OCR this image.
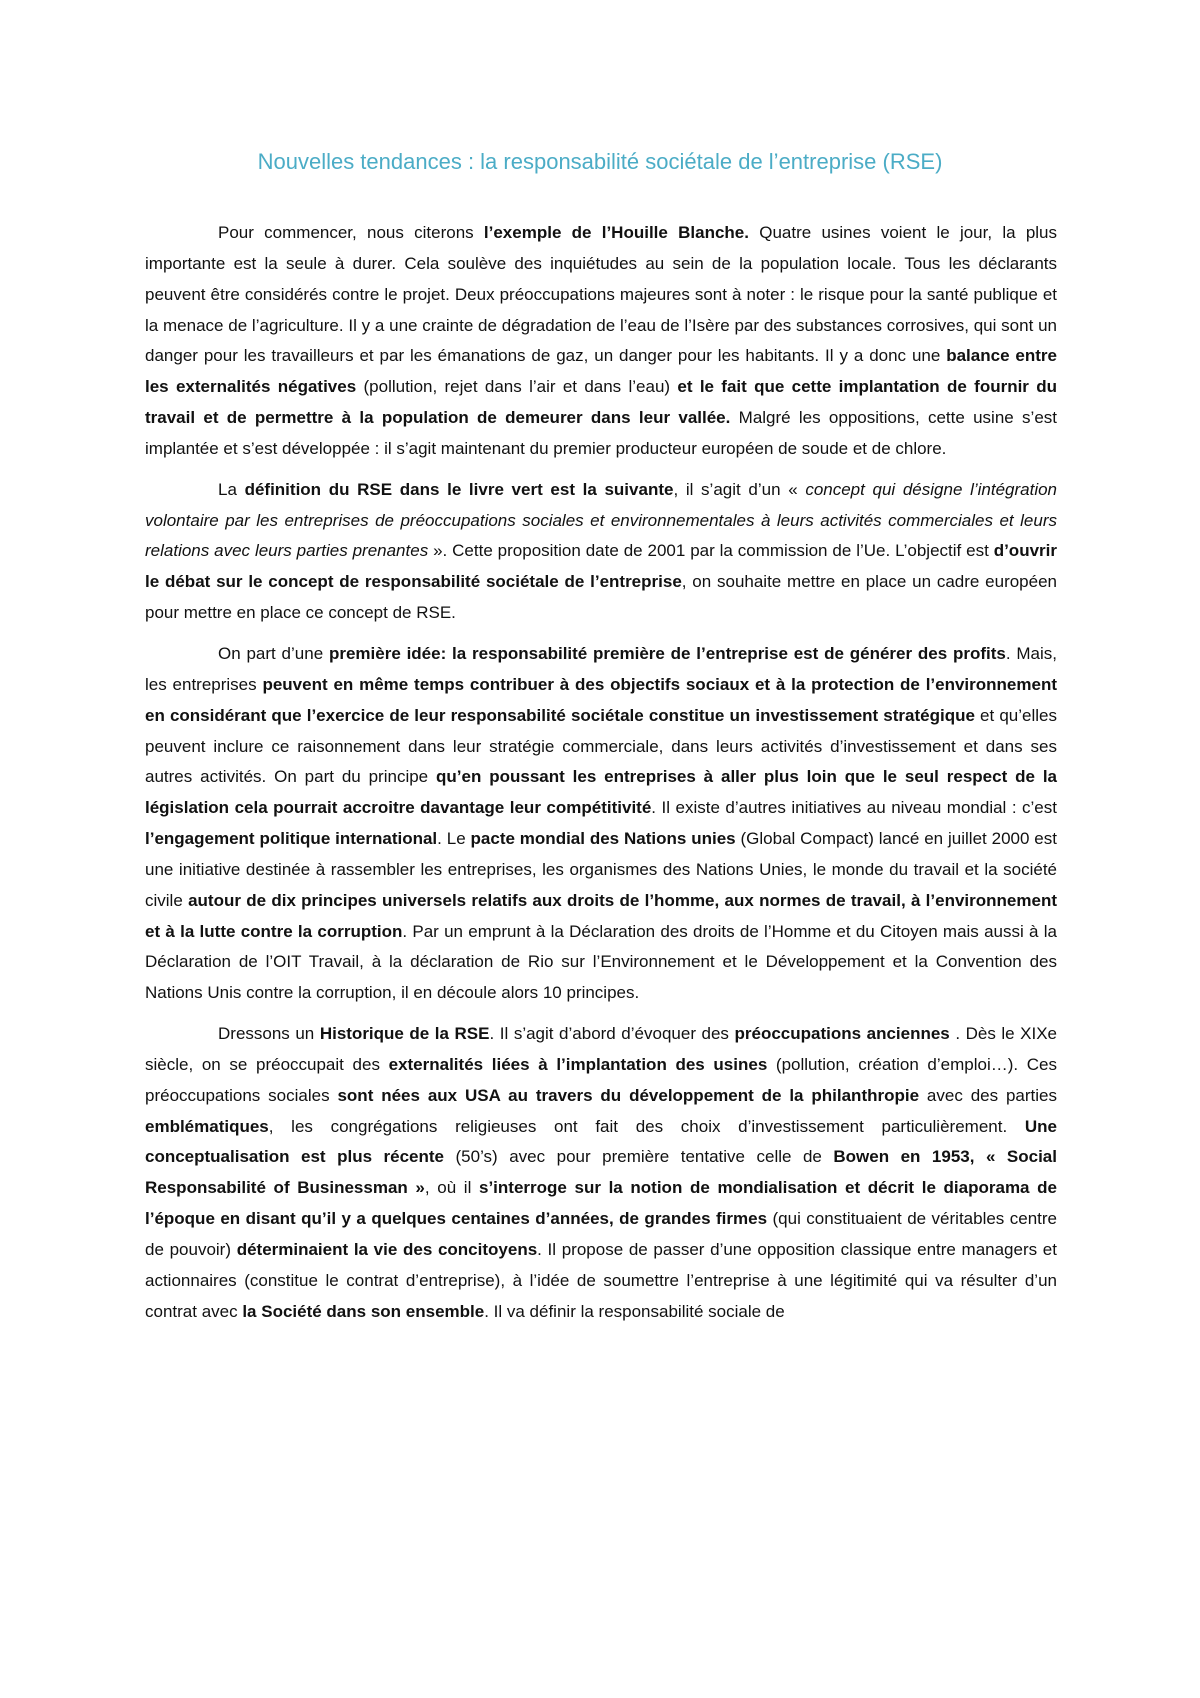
Nouvelles tendances : la responsabilité sociétale de l’entreprise (RSE)

Pour commencer, nous citerons l’exemple de l’Houille Blanche. Quatre usines voient le jour, la plus importante est la seule à durer. Cela soulève des inquiétudes au sein de la population locale. Tous les déclarants peuvent être considérés contre le projet. Deux préoccupations majeures sont à noter : le risque pour la santé publique et la menace de l’agriculture. Il y a une crainte de dégradation de l’eau de l’Isère par des substances corrosives, qui sont un danger pour les travailleurs et par les émanations de gaz, un danger pour les habitants. Il y a donc une balance entre les externalités négatives (pollution, rejet dans l’air et dans l’eau) et le fait que cette implantation de fournir du travail et de permettre à la population de demeurer dans leur vallée. Malgré les oppositions, cette usine s’est implantée et s’est développée : il s’agit maintenant du premier producteur européen de soude et de chlore.

La définition du RSE dans le livre vert est la suivante, il s’agit d’un « concept qui désigne l’intégration volontaire par les entreprises de préoccupations sociales et environnementales à leurs activités commerciales et leurs relations avec leurs parties prenantes ». Cette proposition date de 2001 par la commission de l’Ue. L’objectif est d’ouvrir le débat sur le concept de responsabilité sociétale de l’entreprise, on souhaite mettre en place un cadre européen pour mettre en place ce concept de RSE.

On part d’une première idée: la responsabilité première de l’entreprise est de générer des profits. Mais, les entreprises peuvent en même temps contribuer à des objectifs sociaux et à la protection de l’environnement en considérant que l’exercice de leur responsabilité sociétale constitue un investissement stratégique et qu’elles peuvent inclure ce raisonnement dans leur stratégie commerciale, dans leurs activités d’investissement et dans ses autres activités. On part du principe qu’en poussant les entreprises à aller plus loin que le seul respect de la législation cela pourrait accroitre davantage leur compétitivité. Il existe d’autres initiatives au niveau mondial : c’est l’engagement politique international. Le pacte mondial des Nations unies (Global Compact) lancé en juillet 2000 est une initiative destinée à rassembler les entreprises, les organismes des Nations Unies, le monde du travail et la société civile autour de dix principes universels relatifs aux droits de l’homme, aux normes de travail, à l’environnement et à la lutte contre la corruption. Par un emprunt à la Déclaration des droits de l’Homme et du Citoyen mais aussi à la Déclaration de l’OIT Travail, à la déclaration de Rio sur l’Environnement et le Développement et la Convention des Nations Unis contre la corruption, il en découle alors 10 principes.

Dressons un Historique de la RSE. Il s’agit d’abord d’évoquer des préoccupations anciennes . Dès le XIXe siècle, on se préoccupait des externalités liées à l’implantation des usines (pollution, création d’emploi…). Ces préoccupations sociales sont nées aux USA au travers du développement de la philanthropie avec des parties emblématiques, les congrégations religieuses ont fait des choix d’investissement particulièrement. Une conceptualisation est plus récente (50’s) avec pour première tentative celle de Bowen en 1953, « Social Responsabilité of Businessman », où il s’interroge sur la notion de mondialisation et décrit le diaporama de l’époque en disant qu’il y a quelques centaines d’années, de grandes firmes (qui constituaient de véritables centre de pouvoir) déterminaient la vie des concitoyens. Il propose de passer d’une opposition classique entre managers et actionnaires (constitue le contrat d’entreprise), à l’idée de soumettre l’entreprise à une légitimité qui va résulter d’un contrat avec la Société dans son ensemble. Il va définir la responsabilité sociale de
